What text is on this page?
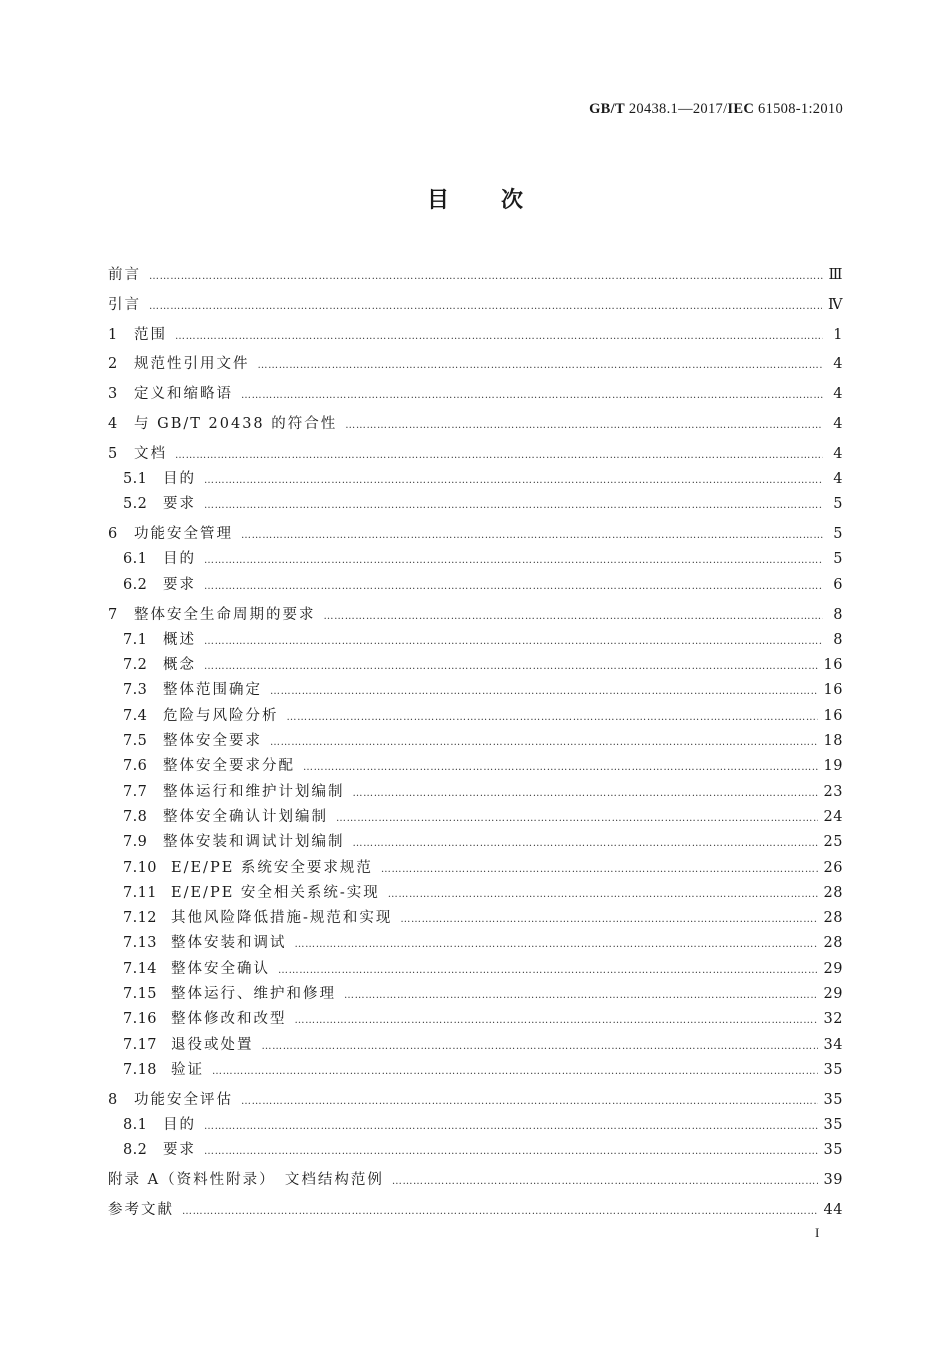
GB/T 20438.1—2017/IEC 61508-1:2010
目 次
前言 …………………………………………………………………………………………………………………………………………………………………………………………………………………………………………	Ⅲ
引言 …………………………………………………………………………………………………………………………………………………………………………………………………………………………………………	Ⅳ
1	范围 …………………………………………………………………………………………………………………………………………………………………………………………………………………………………………	1
2	规范性引用文件 …………………………………………………………………………………………………………………………………………………………………………………………………………………………………………	4
3	定义和缩略语 …………………………………………………………………………………………………………………………………………………………………………………………………………………………………………	4
4	与 GB/T 20438 的符合性 …………………………………………………………………………………………………………………………………………………………………………………………………………………………………………	4
5	文档 …………………………………………………………………………………………………………………………………………………………………………………………………………………………………………	4
5.1	目的 …………………………………………………………………………………………………………………………………………………………………………………………………………………………………………	4
5.2	要求 …………………………………………………………………………………………………………………………………………………………………………………………………………………………………………	5
6	功能安全管理 …………………………………………………………………………………………………………………………………………………………………………………………………………………………………………	5
6.1	目的 …………………………………………………………………………………………………………………………………………………………………………………………………………………………………………	5
6.2	要求 …………………………………………………………………………………………………………………………………………………………………………………………………………………………………………	6
7	整体安全生命周期的要求 …………………………………………………………………………………………………………………………………………………………………………………………………………………………………………	8
7.1	概述 …………………………………………………………………………………………………………………………………………………………………………………………………………………………………………	8
7.2	概念 …………………………………………………………………………………………………………………………………………………………………………………………………………………………………………	16
7.3	整体范围确定 …………………………………………………………………………………………………………………………………………………………………………………………………………………………………………	16
7.4	危险与风险分析 …………………………………………………………………………………………………………………………………………………………………………………………………………………………………………	16
7.5	整体安全要求 …………………………………………………………………………………………………………………………………………………………………………………………………………………………………………	18
7.6	整体安全要求分配 …………………………………………………………………………………………………………………………………………………………………………………………………………………………………………	19
7.7	整体运行和维护计划编制 …………………………………………………………………………………………………………………………………………………………………………………………………………………………………………	23
7.8	整体安全确认计划编制 …………………………………………………………………………………………………………………………………………………………………………………………………………………………………………	24
7.9	整体安装和调试计划编制 …………………………………………………………………………………………………………………………………………………………………………………………………………………………………………	25
7.10 E/E/PE 系统安全要求规范 …………………………………………………………………………………………………………………………………………………………………………………………………………………………………………	26
7.11 E/E/PE 安全相关系统-实现 …………………………………………………………………………………………………………………………………………………………………………………………………………………………………………	28
7.12 其他风险降低措施-规范和实现 …………………………………………………………………………………………………………………………………………………………………………………………………………………………………………	28
7.13 整体安装和调试 …………………………………………………………………………………………………………………………………………………………………………………………………………………………………………	28
7.14 整体安全确认 …………………………………………………………………………………………………………………………………………………………………………………………………………………………………………	29
7.15 整体运行、维护和修理 …………………………………………………………………………………………………………………………………………………………………………………………………………………………………………	29
7.16 整体修改和改型 …………………………………………………………………………………………………………………………………………………………………………………………………………………………………………	32
7.17 退役或处置 …………………………………………………………………………………………………………………………………………………………………………………………………………………………………………	34
7.18 验证 …………………………………………………………………………………………………………………………………………………………………………………………………………………………………………	35
8	功能安全评估 …………………………………………………………………………………………………………………………………………………………………………………………………………………………………………	35
8.1	目的 …………………………………………………………………………………………………………………………………………………………………………………………………………………………………………	35
8.2	要求 …………………………………………………………………………………………………………………………………………………………………………………………………………………………………………	35
附录 A（资料性附录）　文档结构范例 …………………………………………………………………………………………………………………………………………………………………………………………………………………………………………	39
参考文献 …………………………………………………………………………………………………………………………………………………………………………………………………………………………………………	44
I
